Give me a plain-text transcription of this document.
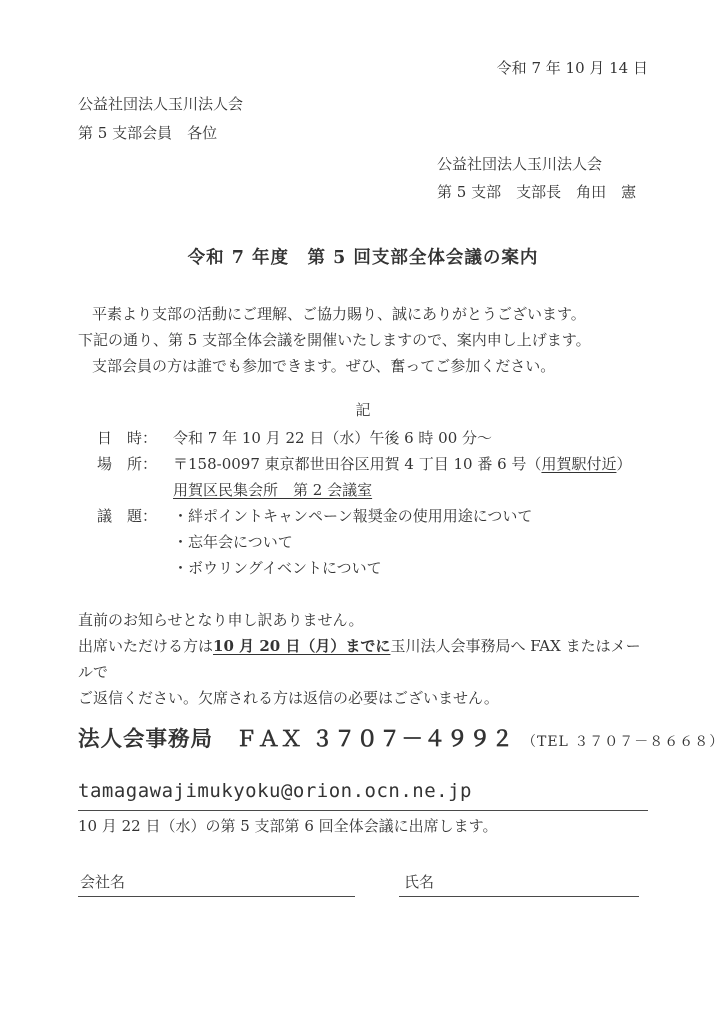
令和 7 年 10 月 14 日
公益社団法人玉川法人会
第 5 支部会員　各位
公益社団法人玉川法人会
第 5 支部　支部長　角田　憲
令和 7 年度　第 5 回支部全体会議の案内
平素より支部の活動にご理解、ご協力賜り、誠にありがとうございます。
下記の通り、第 5 支部全体会議を開催いたしますので、案内申し上げます。
支部会員の方は誰でも参加できます。ぜひ、奮ってご参加ください。
記
日　時：	令和 7 年 10 月 22 日（水）午後 6 時 00 分～
場　所：	〒158-0097 東京都世田谷区用賀 4 丁目 10 番 6 号（用賀駅付近）
用賀区民集会所　第 2 会議室
議　題：	・絆ポイントキャンペーン報奨金の使用用途について
・忘年会について
・ボウリングイベントについて
直前のお知らせとなり申し訳ありません。
出席いただける方は10 月 20 日（月）までに玉川法人会事務局へ FAX またはメールで
ご返信ください。欠席される方は返信の必要はございません。
法人会事務局　ＦＡＸ ３７０７－４９９２ （TEL ３７０７－８６６８）
tamagawajimukyoku@orion.ocn.ne.jp
10 月 22 日（水）の第 5 支部第 6 回全体会議に出席します。
会社名	氏名
